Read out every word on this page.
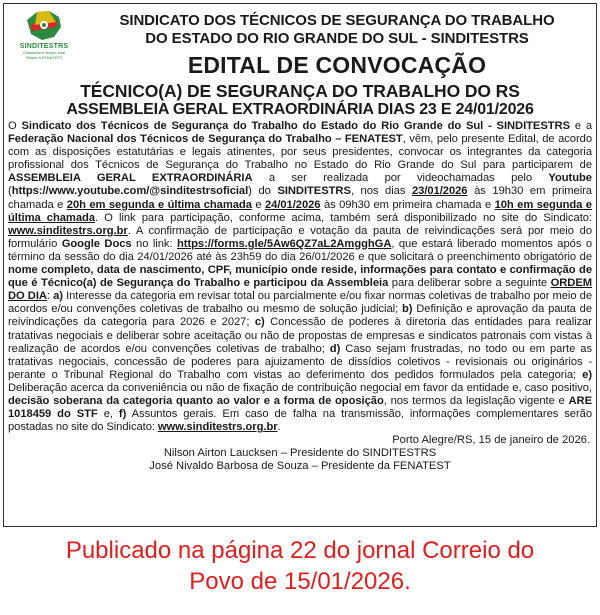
SINDITESTRS
Cidadania e tempo total
Filiado à FENATEST
SINDICATO DOS TÉCNICOS DE SEGURANÇA DO TRABALHO
DO ESTADO DO RIO GRANDE DO SUL - SINDITESTRS
EDITAL DE CONVOCAÇÃO
TÉCNICO(A) DE SEGURANÇA DO TRABALHO DO RS
ASSEMBLEIA GERAL EXTRAORDINÁRIA DIAS 23 E 24/01/2026
O Sindicato dos Técnicos de Segurança do Trabalho do Estado do Rio Grande do Sul - SINDITESTRS e a Federação Nacional dos Técnicos de Segurança do Trabalho – FENATEST, vêm, pelo presente Edital, de acordo com as disposições estatutárias e legais atinentes, por seus presidentes, convocar os integrantes da categoria profissional dos Técnicos de Segurança do Trabalho no Estado do Rio Grande do Sul para participarem de ASSEMBLEIA GERAL EXTRAORDINÁRIA a ser realizada por videochamadas pelo Youtube (https://www.youtube.com/@sinditestrsoficial) do SINDITESTRS, nos dias 23/01/2026 às 19h30 em primeira chamada e 20h em segunda e última chamada e 24/01/2026 às 09h30 em primeira chamada e 10h em segunda e última chamada. O link para participação, conforme acima, também será disponibilizado no site do Sindicato: www.sinditestrs.org.br. A confirmação de participação e votação da pauta de reivindicações será por meio do formulário Google Docs no link: https://forms.gle/5Aw6QZ7aL2AmgghGA, que estará liberado momentos após o término da sessão do dia 24/01/2026 até às 23h59 do dia 26/01/2026 e que solicitará o preenchimento obrigatório de nome completo, data de nascimento, CPF, município onde reside, informações para contato e confirmação de que é Técnico(a) de Segurança do Trabalho e participou da Assembleia para deliberar sobre a seguinte ORDEM DO DIA: a) Interesse da categoria em revisar total ou parcialmente e/ou fixar normas coletivas de trabalho por meio de acordos e/ou convenções coletivas de trabalho ou mesmo de solução judicial; b) Definição e aprovação da pauta de reivindicações da categoria para 2026 e 2027; c) Concessão de poderes à diretoria das entidades para realizar tratativas negociais e deliberar sobre aceitação ou não de propostas de empresas e sindicatos patronais com vistas à realização de acordos e/ou convenções coletivas de trabalho; d) Caso sejam frustradas, no todo ou em parte as tratativas negociais, concessão de poderes para ajuizamento de dissídios coletivos - revisionais ou originários - perante o Tribunal Regional do Trabalho com vistas ao deferimento dos pedidos formulados pela categoria; e) Deliberação acerca da conveniência ou não de fixação de contribuição negocial em favor da entidade e, caso positivo, decisão soberana da categoria quanto ao valor e a forma de oposição, nos termos da legislação vigente e ARE 1018459 do STF e, f) Assuntos gerais. Em caso de falha na transmissão, informações complementares serão postadas no site do Sindicato: www.sinditestrs.org.br.
Porto Alegre/RS, 15 de janeiro de 2026.
Nilson Airton Laucksen – Presidente do SINDITESTRS
José Nivaldo Barbosa de Souza – Presidente da FENATEST
Publicado na página 22 do jornal Correio do
Povo de 15/01/2026.
